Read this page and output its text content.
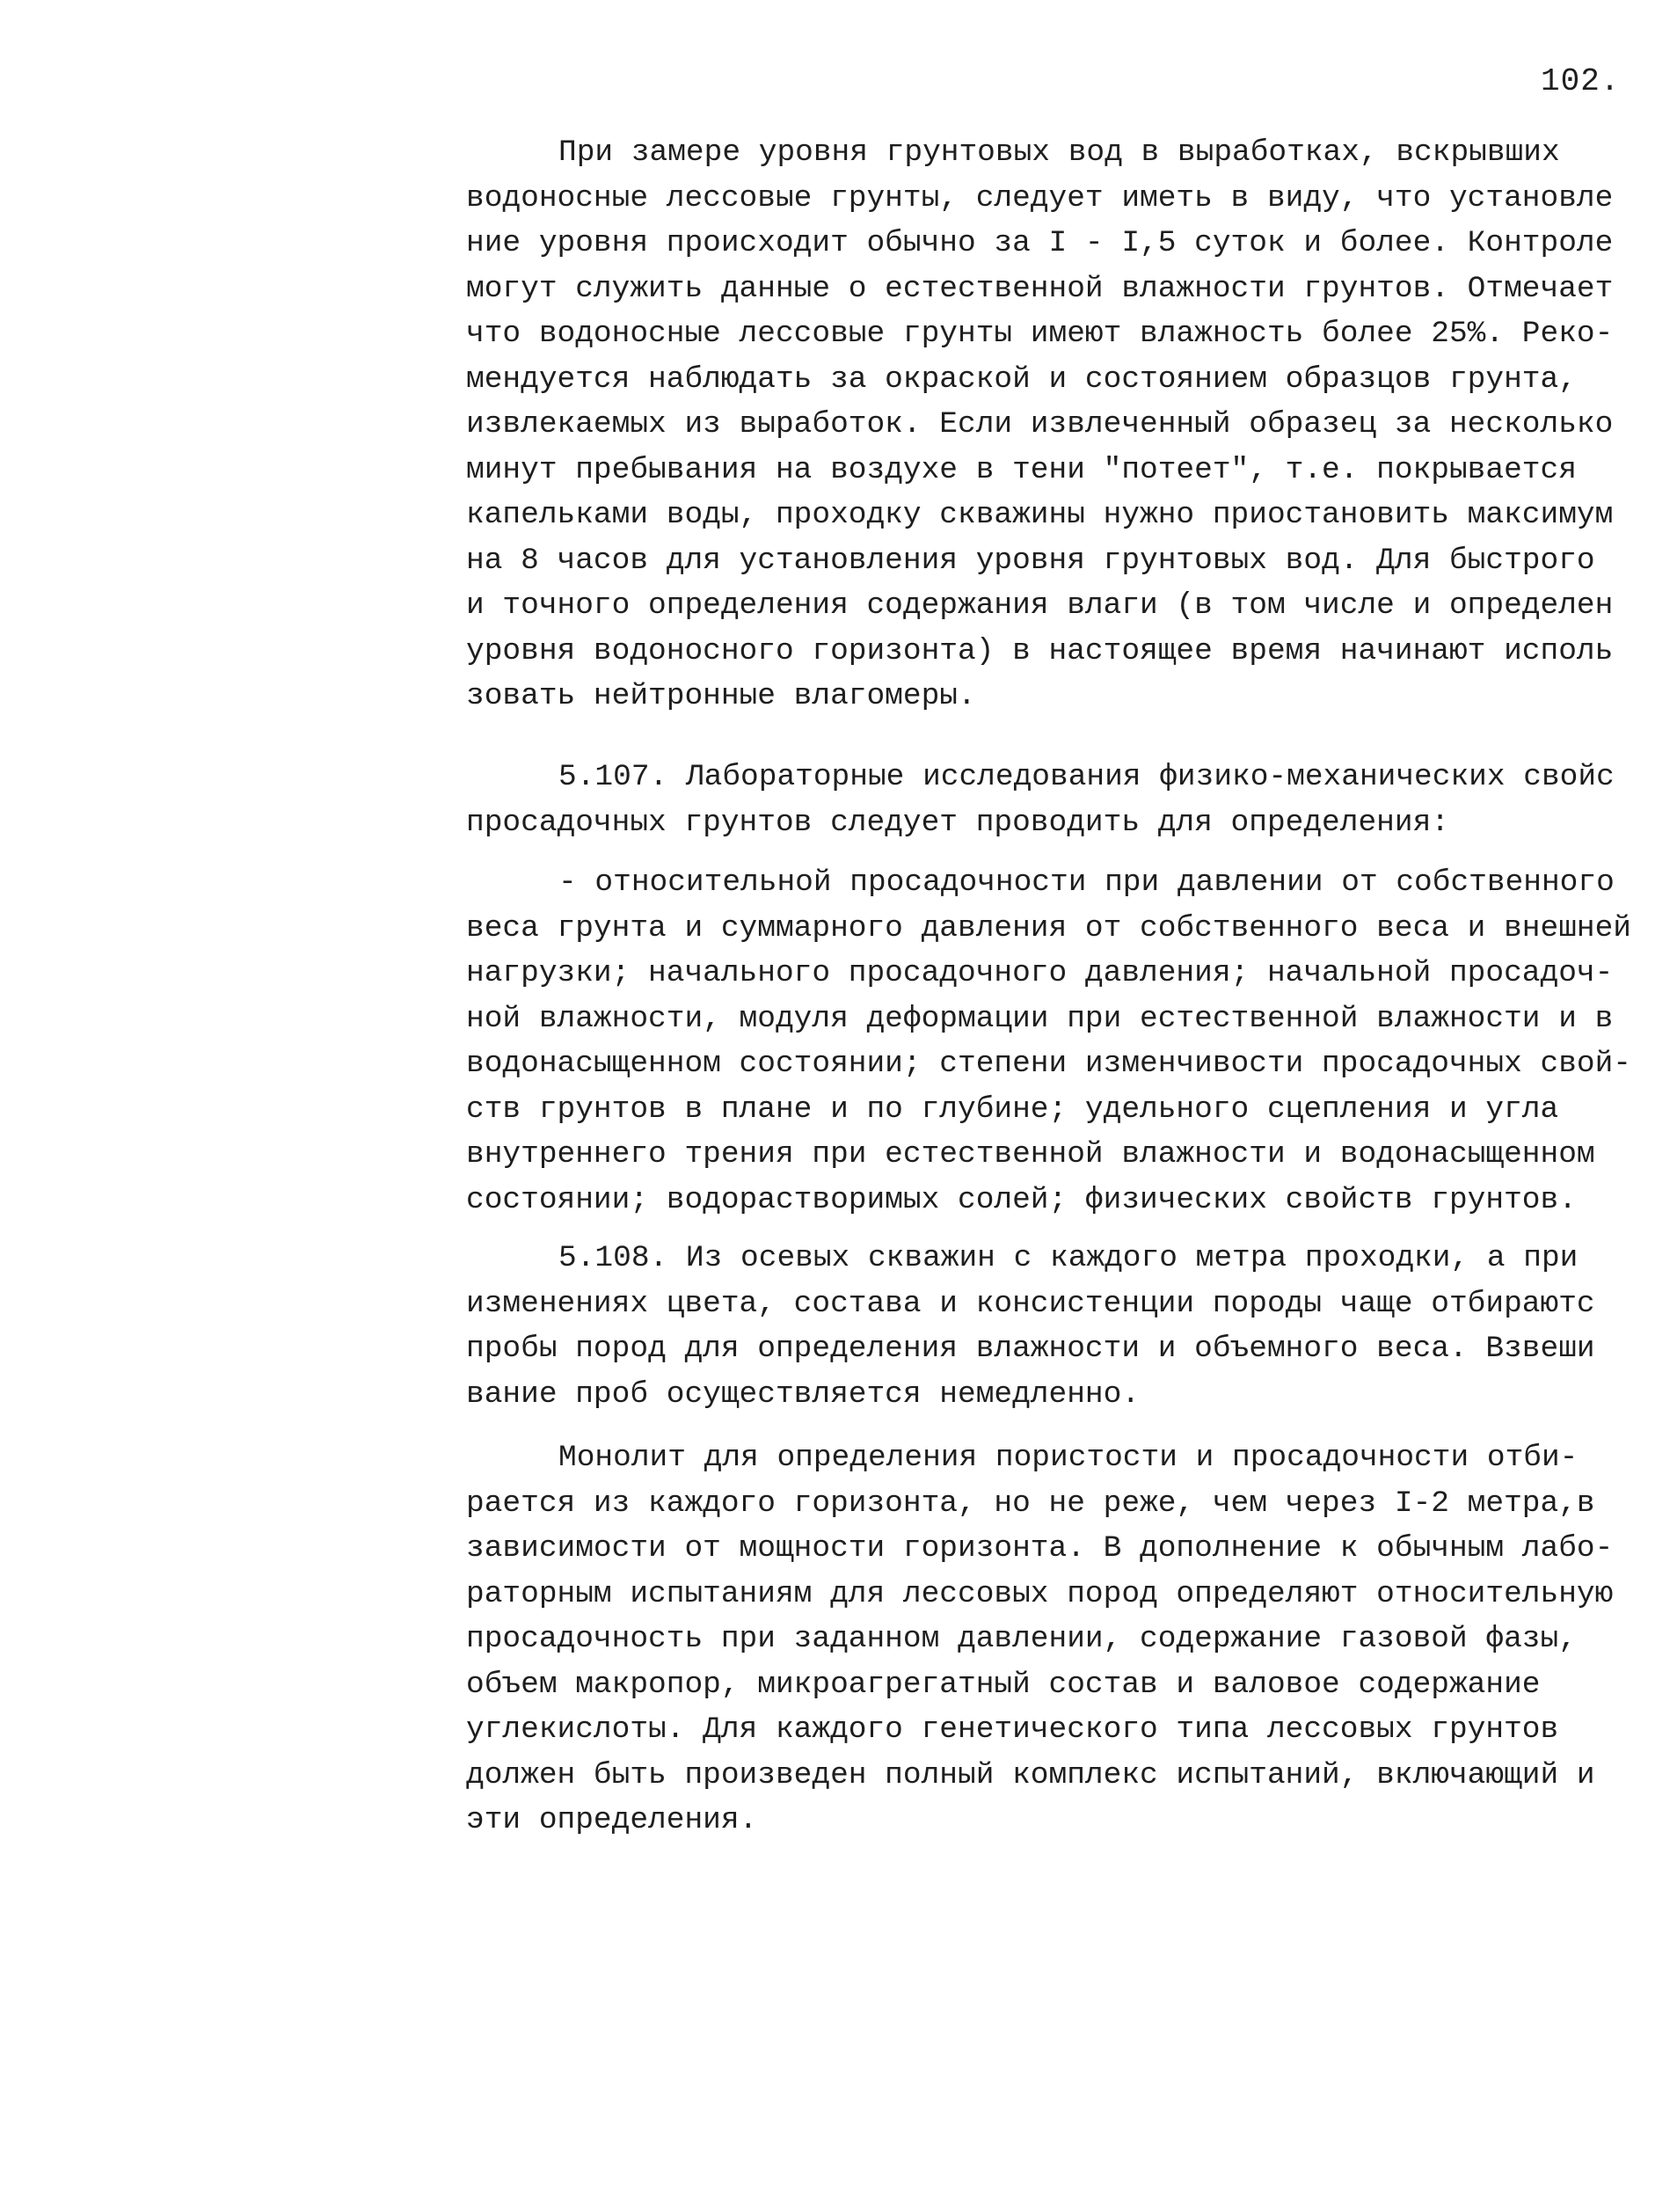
102.
При замере уровня грунтовых вод в выработках, вскрывших
водоносные лессовые грунты, следует иметь в виду, что установле
ние уровня происходит обычно за I - I,5 суток и более. Контроле
могут служить данные о естественной влажности грунтов. Отмечает
что водоносные лессовые грунты имеют влажность более 25%. Реко-
мендуется наблюдать за окраской и состоянием образцов грунта,
извлекаемых из выработок. Если извлеченный образец за несколько
минут пребывания на воздухе в тени "потеет", т.е. покрывается
капельками воды, проходку скважины нужно приостановить максимум
на 8 часов для установления уровня грунтовых вод. Для быстрого
и точного определения содержания влаги (в том числе и определен
уровня водоносного горизонта) в настоящее время начинают исполь
зовать нейтронные влагомеры.
5.107. Лабораторные исследования физико-механических свойс
просадочных грунтов следует проводить для определения:
- относительной просадочности при давлении от собственного
веса грунта и суммарного давления от собственного веса и внешней
нагрузки; начального просадочного давления; начальной просадоч-
ной влажности, модуля деформации при естественной влажности и в
водонасыщенном состоянии; степени изменчивости просадочных свой-
ств грунтов в плане и по глубине; удельного сцепления и угла
внутреннего трения при естественной влажности и водонасыщенном
состоянии; водорастворимых солей; физических свойств грунтов.
5.108. Из осевых скважин с каждого метра проходки, а при
изменениях цвета, состава и консистенции породы чаще отбираютс
пробы пород для определения влажности и объемного веса. Взвеши
вание проб осуществляется немедленно.
Монолит для определения пористости и просадочности отби-
рается из каждого горизонта, но не реже, чем через I-2 метра,в
зависимости от мощности горизонта. В дополнение к обычным лабо-
раторным испытаниям для лессовых пород определяют относительную
просадочность при заданном давлении, содержание газовой фазы,
объем макропор, микроагрегатный состав и валовое содержание
углекислоты. Для каждого генетического типа лессовых грунтов
должен быть произведен полный комплекс испытаний, включающий и
эти определения.
